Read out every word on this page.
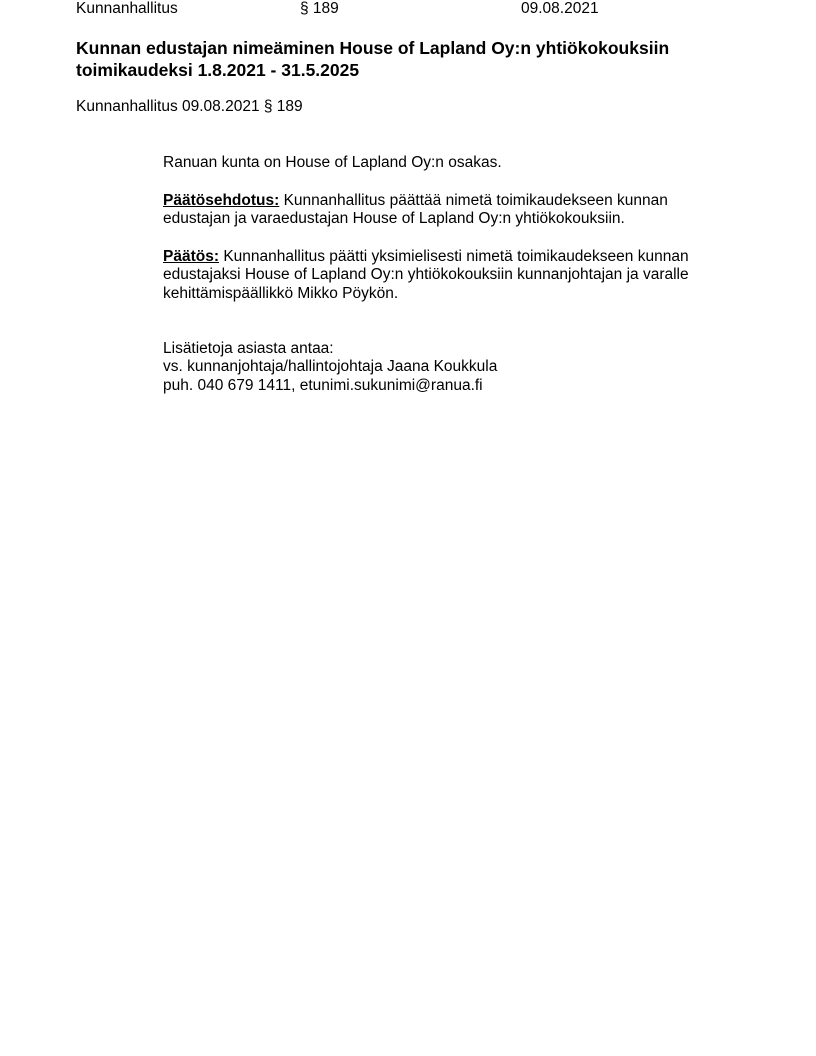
Kunnanhallitus	§ 189	09.08.2021
Kunnan edustajan nimeäminen House of Lapland Oy:n yhtiökokouksiin toimikaudeksi 1.8.2021 - 31.5.2025
Kunnanhallitus 09.08.2021 § 189

Ranuan kunta on House of Lapland Oy:n osakas.

Päätösehdotus: Kunnanhallitus päättää nimetä toimikaudekseen kunnan edustajan ja varaedustajan House of Lapland Oy:n yhtiökokouksiin.

Päätös: Kunnanhallitus päätti yksimielisesti nimetä toimikaudekseen kunnan edustajaksi House of Lapland Oy:n yhtiökokouksiin kunnanjohtajan ja varalle kehittämispäällikkö Mikko Pöykön.

Lisätietoja asiasta antaa:
vs. kunnanjohtaja/hallintojohtaja Jaana Koukkula
puh. 040 679 1411, etunimi.sukunimi@ranua.fi
